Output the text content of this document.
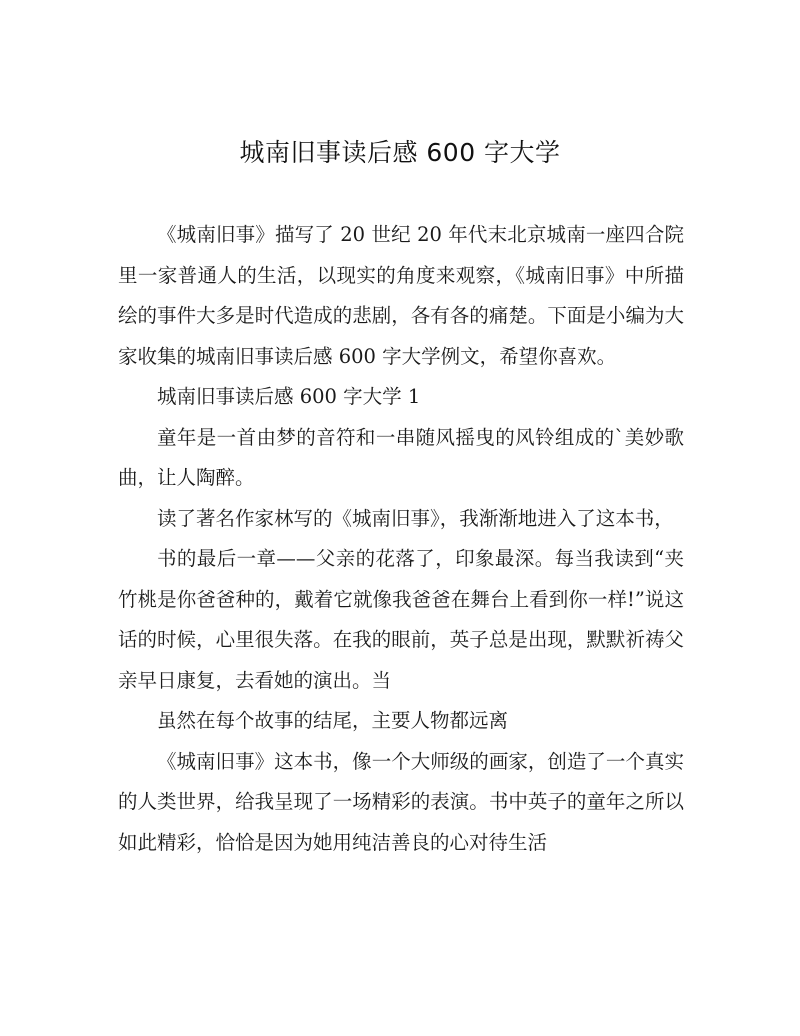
城南旧事读后感 600 字大学

《城南旧事》描写了 20 世纪 20 年代末北京城南一座四合院里一家普通人的生活，以现实的角度来观察，《城南旧事》中所描绘的事件大多是时代造成的悲剧，各有各的痛楚。下面是小编为大家收集的城南旧事读后感 600 字大学例文，希望你喜欢。

城南旧事读后感 600 字大学 1

童年是一首由梦的音符和一串随风摇曳的风铃组成的`美妙歌曲，让人陶醉。

读了著名作家林写的《城南旧事》，我渐渐地进入了这本书，

书的最后一章——父亲的花落了，印象最深。每当我读到“夹竹桃是你爸爸种的，戴着它就像我爸爸在舞台上看到你一样!”说这话的时候，心里很失落。在我的眼前，英子总是出现，默默祈祷父亲早日康复，去看她的演出。当

虽然在每个故事的结尾，主要人物都远离

《城南旧事》这本书，像一个大师级的画家，创造了一个真实的人类世界，给我呈现了一场精彩的表演。书中英子的童年之所以如此精彩，恰恰是因为她用纯洁善良的心对待生活
